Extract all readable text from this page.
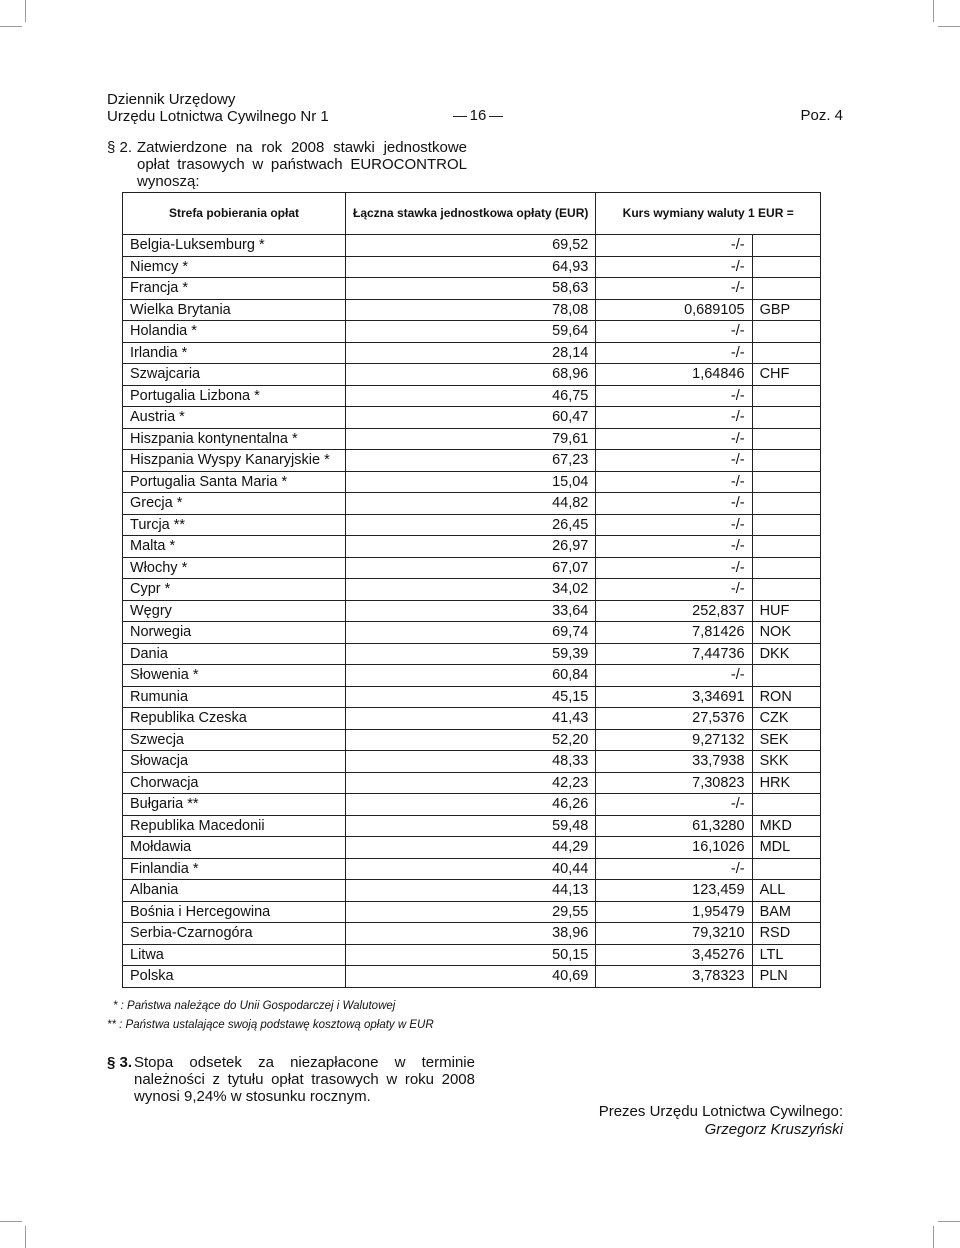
Dziennik Urzędowy
Urzędu Lotnictwa Cywilnego Nr 1	16	Poz. 4
§ 2. Zatwierdzone na rok 2008 stawki jednostkowe opłat trasowych w państwach EUROCONTROL wynoszą:
Strefa pobierania opłat	Łączna stawka jednostkowa opłaty (EUR)	Kurs wymiany waluty 1 EUR =	
Belgia-Luksemburg *	69,52	-/-	
Niemcy *	64,93	-/-	
Francja *	58,63	-/-	
Wielka Brytania	78,08	0,689105	GBP
Holandia *	59,64	-/-	
Irlandia *	28,14	-/-	
Szwajcaria	68,96	1,64846	CHF
Portugalia Lizbona *	46,75	-/-	
Austria *	60,47	-/-	
Hiszpania kontynentalna *	79,61	-/-	
Hiszpania Wyspy Kanaryjskie *	67,23	-/-	
Portugalia Santa Maria *	15,04	-/-	
Grecja *	44,82	-/-	
Turcja **	26,45	-/-	
Malta *	26,97	-/-	
Włochy *	67,07	-/-	
Cypr *	34,02	-/-	
Węgry	33,64	252,837	HUF
Norwegia	69,74	7,81426	NOK
Dania	59,39	7,44736	DKK
Słowenia *	60,84	-/-	
Rumunia	45,15	3,34691	RON
Republika Czeska	41,43	27,5376	CZK
Szwecja	52,20	9,27132	SEK
Słowacja	48,33	33,7938	SKK
Chorwacja	42,23	7,30823	HRK
Bułgaria **	46,26	-/-	
Republika Macedonii	59,48	61,3280	MKD
Mołdawia	44,29	16,1026	MDL
Finlandia *	40,44	-/-	
Albania	44,13	123,459	ALL
Bośnia i Hercegowina	29,55	1,95479	BAM
Serbia-Czarnogóra	38,96	79,3210	RSD
Litwa	50,15	3,45276	LTL
Polska	40,69	3,78323	PLN
* : Państwa należące do Unii Gospodarczej i Walutowej
** : Państwa ustalające swoją podstawę kosztową opłaty w EUR
§ 3. Stopa odsetek za niezapłacone w terminie należności z tytułu opłat trasowych w roku 2008 wynosi 9,24% w stosunku rocznym.
Prezes Urzędu Lotnictwa Cywilnego:
Grzegorz Kruszyński
